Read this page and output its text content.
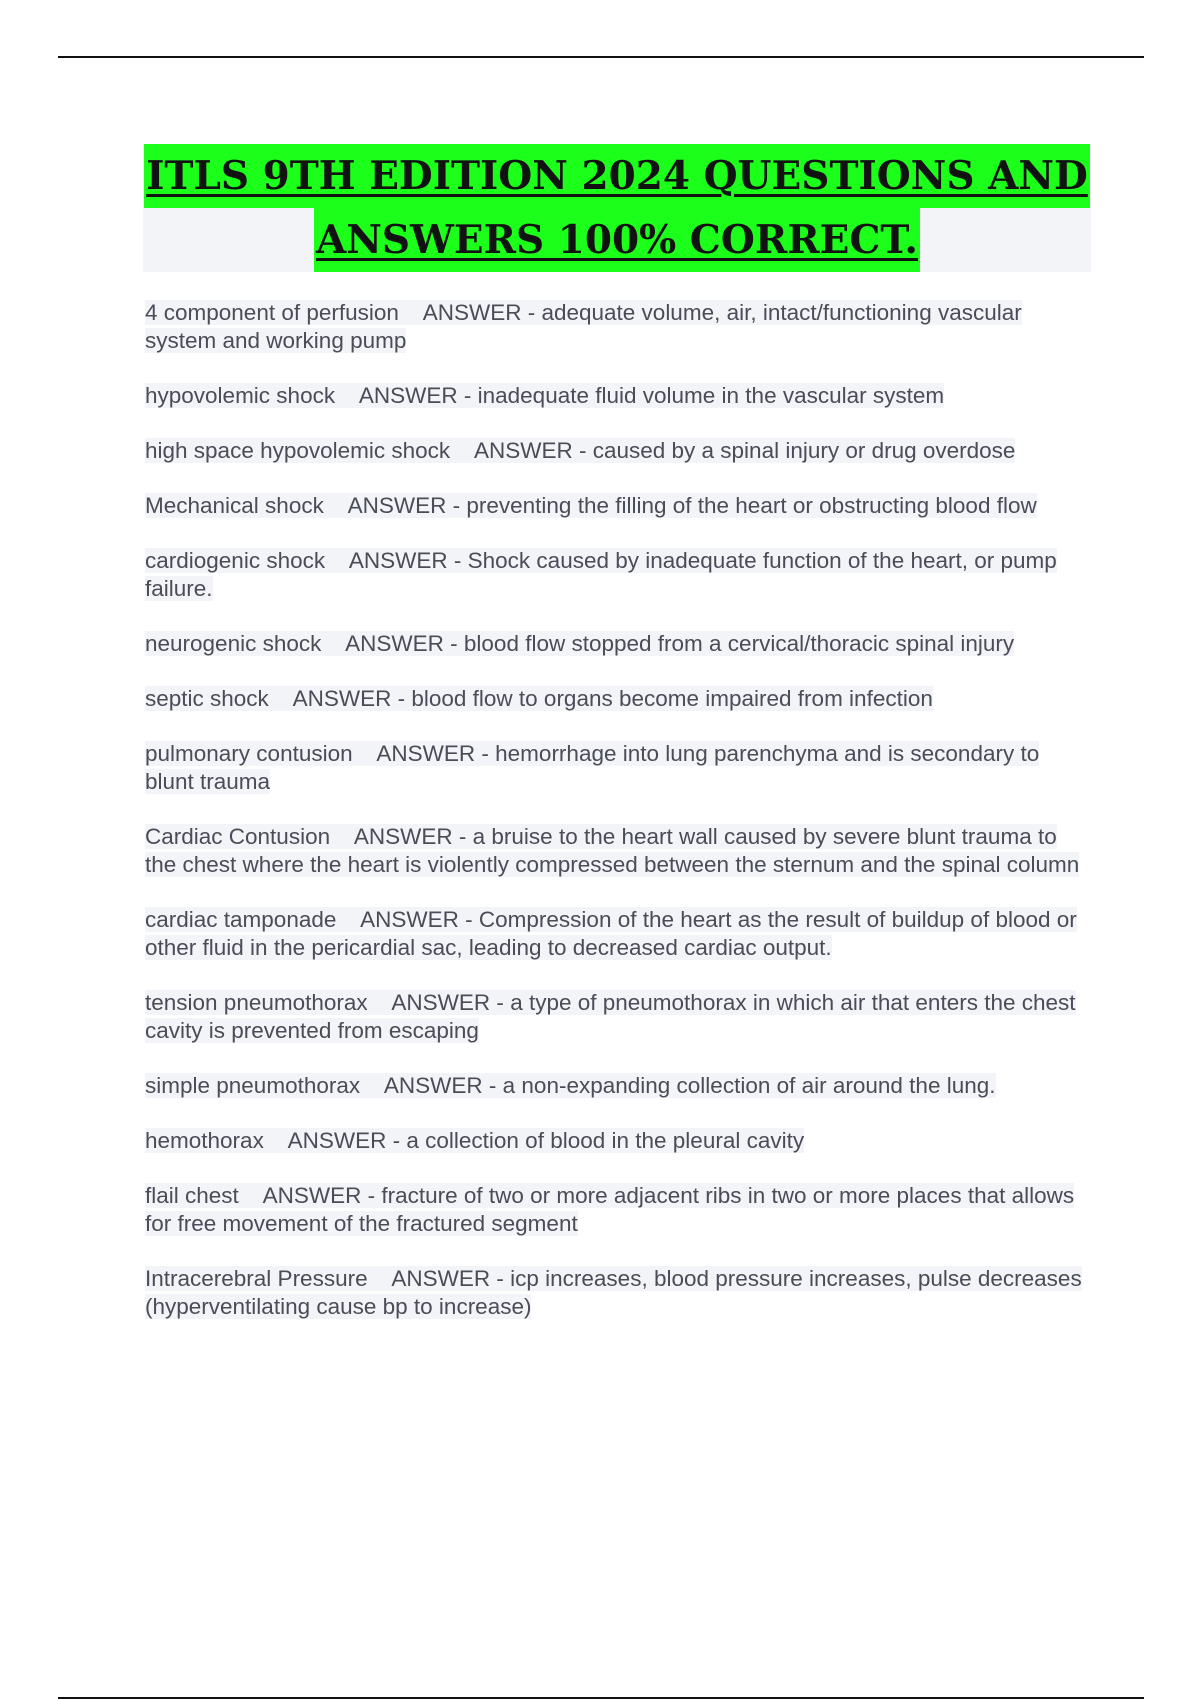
ITLS 9TH EDITION 2024 QUESTIONS AND
ANSWERS 100% CORRECT.
4 component of perfusion ANSWER - adequate volume, air, intact/functioning vascular system and working pump
hypovolemic shock ANSWER - inadequate fluid volume in the vascular system
high space hypovolemic shock ANSWER - caused by a spinal injury or drug overdose
Mechanical shock ANSWER - preventing the filling of the heart or obstructing blood flow
cardiogenic shock ANSWER - Shock caused by inadequate function of the heart, or pump failure.
neurogenic shock ANSWER - blood flow stopped from a cervical/thoracic spinal injury
septic shock ANSWER - blood flow to organs become impaired from infection
pulmonary contusion ANSWER - hemorrhage into lung parenchyma and is secondary to blunt trauma
Cardiac Contusion ANSWER - a bruise to the heart wall caused by severe blunt trauma to the chest where the heart is violently compressed between the sternum and the spinal column
cardiac tamponade ANSWER - Compression of the heart as the result of buildup of blood or other fluid in the pericardial sac, leading to decreased cardiac output.
tension pneumothorax ANSWER - a type of pneumothorax in which air that enters the chest cavity is prevented from escaping
simple pneumothorax ANSWER - a non-expanding collection of air around the lung.
hemothorax ANSWER - a collection of blood in the pleural cavity
flail chest ANSWER - fracture of two or more adjacent ribs in two or more places that allows for free movement of the fractured segment
Intracerebral Pressure ANSWER - icp increases, blood pressure increases, pulse decreases (hyperventilating cause bp to increase)
